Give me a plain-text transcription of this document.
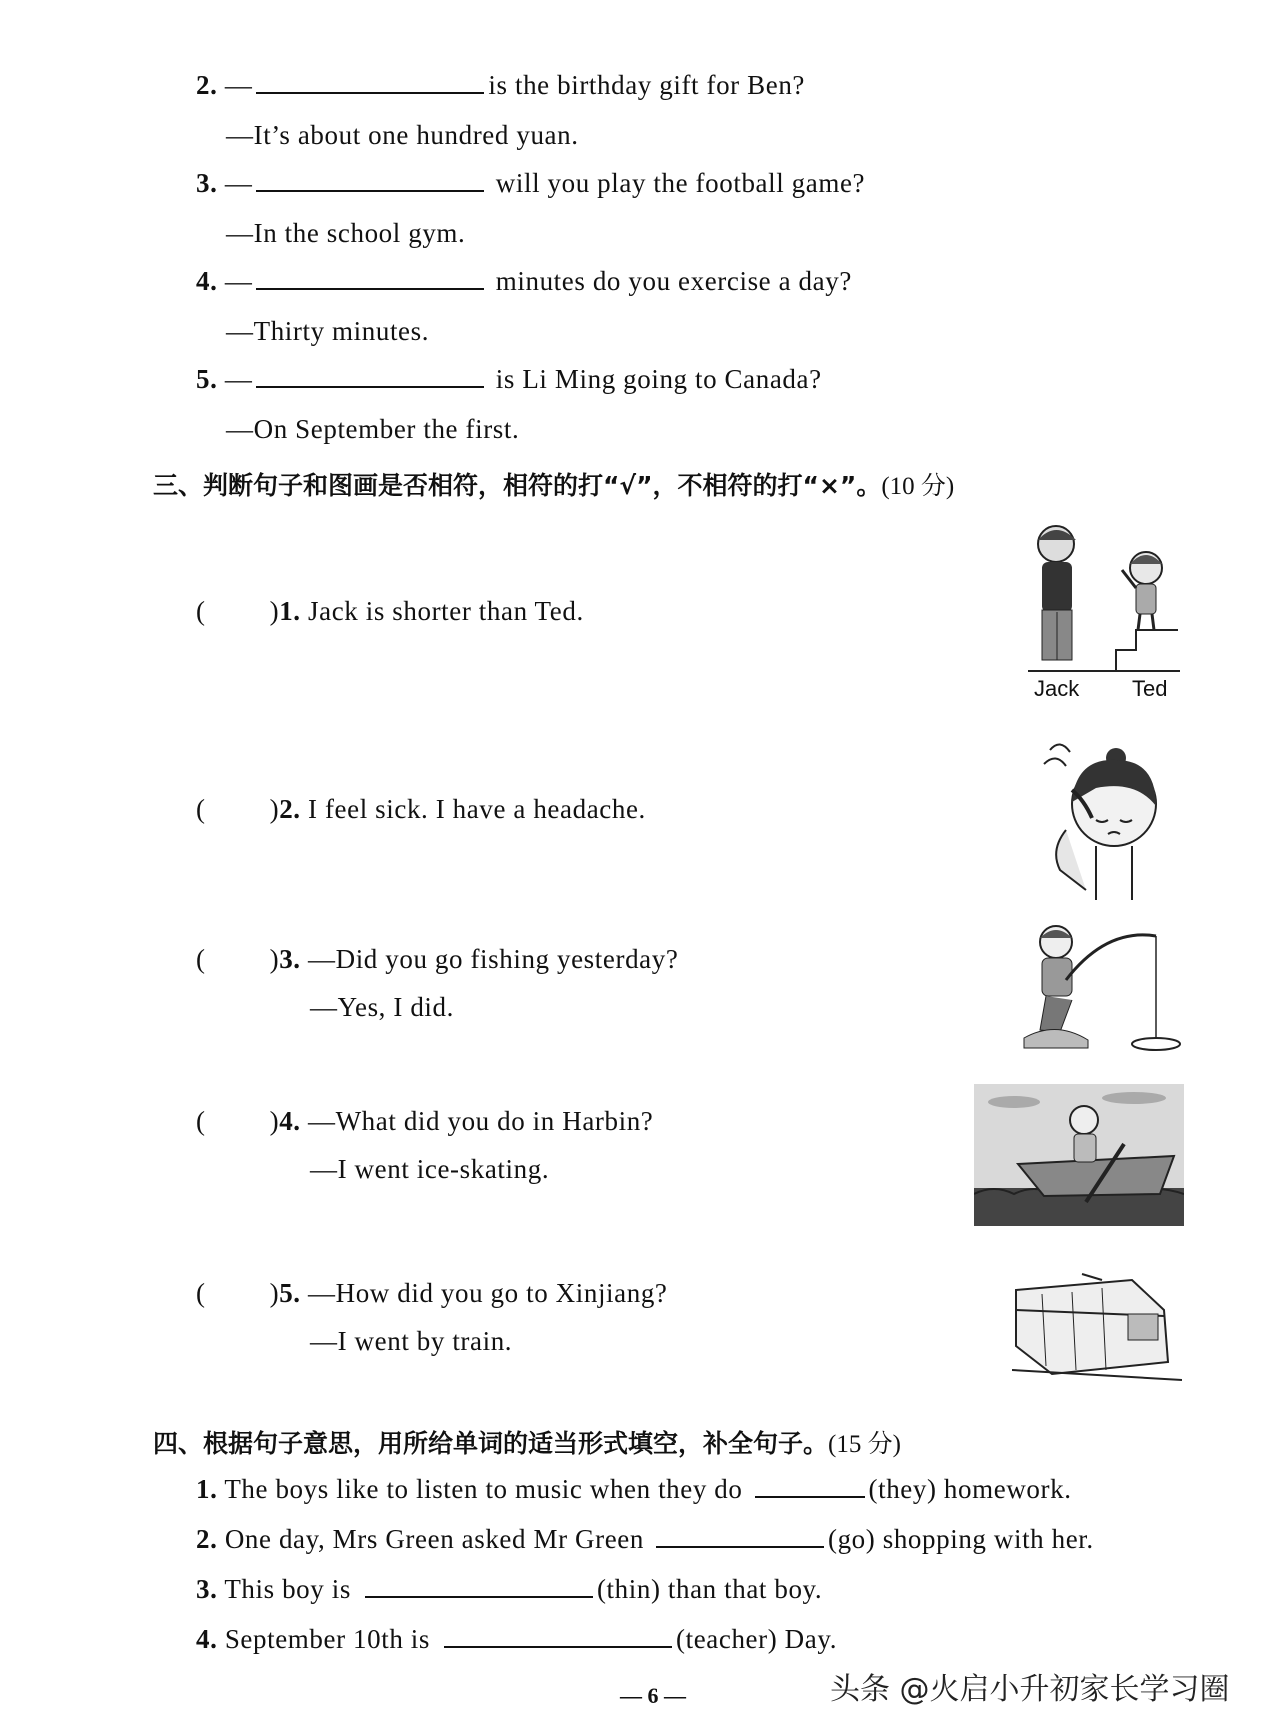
2. —	is the birthday gift for Ben?
—It’s about one hundred yuan.
3. —	will you play the football game?
—In the school gym.
4. —	minutes do you exercise a day?
—Thirty minutes.
5. —	is Li Ming going to Canada?
—On September the first.
三、判断句子和图画是否相符，相符的打“√”，不相符的打“×”。(10 分)
( )1. Jack is shorter than Ted.
( )2. I feel sick. I have a headache.
( )3. —Did you go fishing yesterday?
—Yes, I did.
( )4. —What did you do in Harbin?
—I went ice-skating.
( )5. —How did you go to Xinjiang?
—I went by train.
Jack Ted
四、根据句子意思，用所给单词的适当形式填空，补全句子。(15 分)
1. The boys like to listen to music when they do	(they) homework.
2. One day, Mrs Green asked Mr Green	(go) shopping with her.
3. This boy is	(thin) than that boy.
4. September 10th is	(teacher) Day.
— 6 —	头条 @火启小升初家长学习圈
